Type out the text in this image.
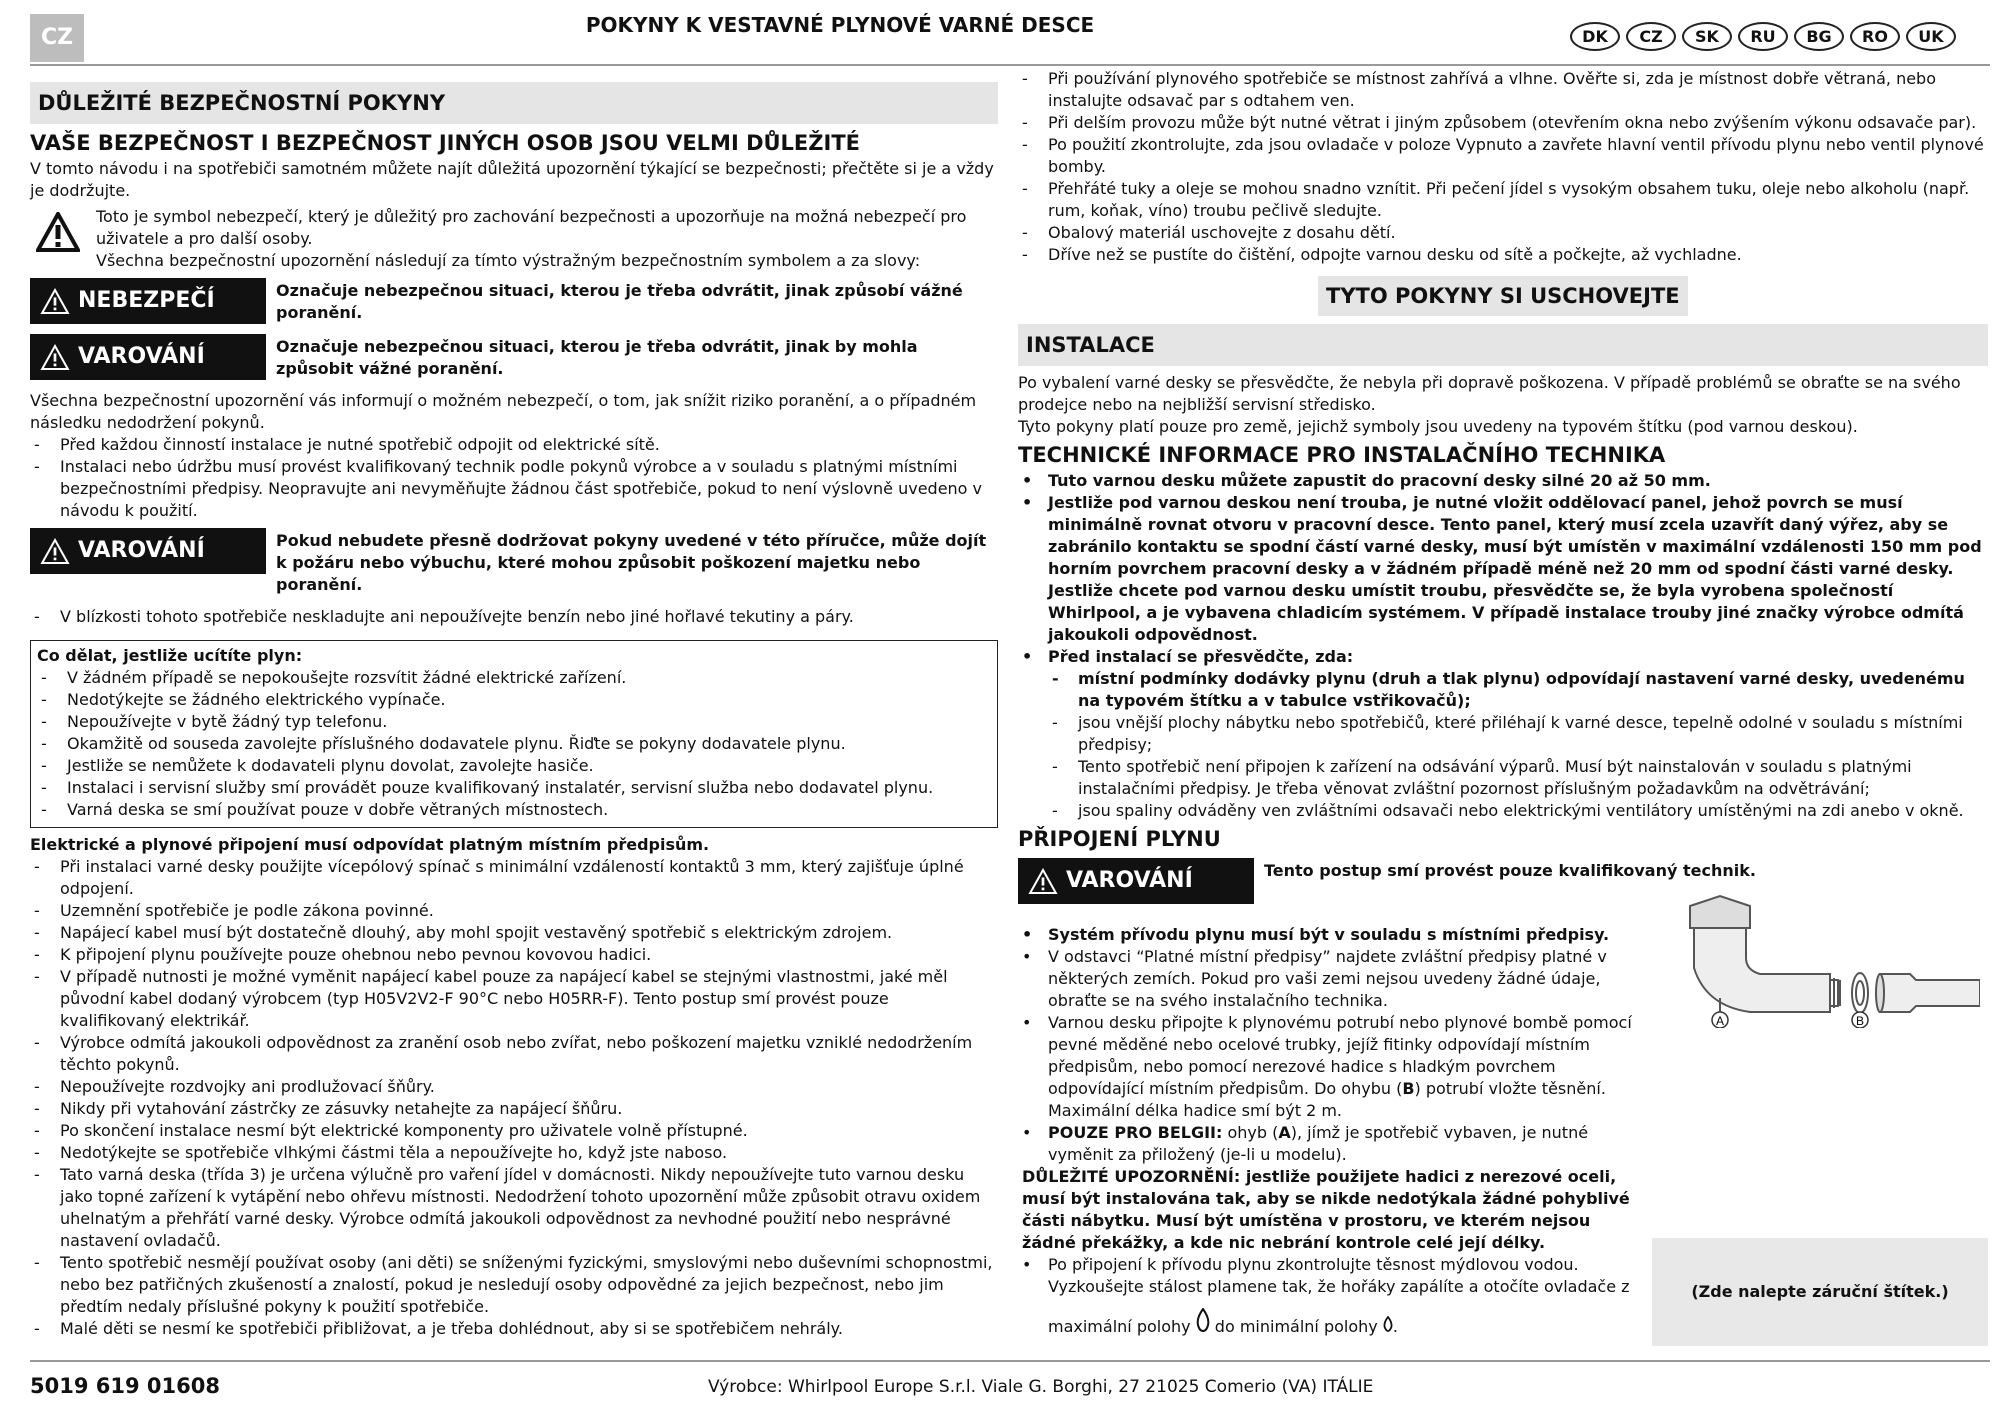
CZ	POKYNY K VESTAVNÉ PLYNOVÉ VARNÉ DESCE	DK	CZ	SK	RU	BG	RO	UK
DŮLEŽITÉ BEZPEČNOSTNÍ POKYNY
VAŠE BEZPEČNOST I BEZPEČNOST JINÝCH OSOB JSOU VELMI DŮLEŽITÉ

V tomto návodu i na spotřebiči samotném můžete najít důležitá upozornění týkající se bezpečnosti; přečtěte si je a vždy je dodržujte.

Toto je symbol nebezpečí, který je důležitý pro zachování bezpečnosti a upozorňuje na možná nebezpečí pro uživatele a pro další osoby.

Všechna bezpečnostní upozornění následují za tímto výstražným bezpečnostním symbolem a za slovy:

NEBEZPEČÍ	Označuje nebezpečnou situaci, kterou je třeba odvrátit, jinak způsobí vážné poranění.
VAROVÁNÍ	Označuje nebezpečnou situaci, kterou je třeba odvrátit, jinak by mohla způsobit vážné poranění.

Všechna bezpečnostní upozornění vás informují o možném nebezpečí, o tom, jak snížit riziko poranění, a o případném následku nedodržení pokynů.

- Před každou činností instalace je nutné spotřebič odpojit od elektrické sítě.

- Instalaci nebo údržbu musí provést kvalifikovaný technik podle pokynů výrobce a v souladu s platnými místními bezpečnostními předpisy. Neopravujte ani nevyměňujte žádnou část spotřebiče, pokud to není výslovně uvedeno v návodu k použití.

VAROVÁNÍ	Pokud nebudete přesně dodržovat pokyny uvedené v této příručce, může dojít k požáru nebo výbuchu, které mohou způsobit poškození majetku nebo poranění.

- V blízkosti tohoto spotřebiče neskladujte ani nepoužívejte benzín nebo jiné hořlavé tekutiny a páry.

Co dělat, jestliže ucítíte plyn:

- V žádném případě se nepokoušejte rozsvítit žádné elektrické zařízení.

- Nedotýkejte se žádného elektrického vypínače.

- Nepoužívejte v bytě žádný typ telefonu.

- Okamžitě od souseda zavolejte příslušného dodavatele plynu. Řiďte se pokyny dodavatele plynu.

- Jestliže se nemůžete k dodavateli plynu dovolat, zavolejte hasiče.

- Instalaci i servisní služby smí provádět pouze kvalifikovaný instalatér, servisní služba nebo dodavatel plynu.

- Varná deska se smí používat pouze v dobře větraných místnostech.

Elektrické a plynové připojení musí odpovídat platným místním předpisům.

- Při instalaci varné desky použijte vícepólový spínač s minimální vzdáleností kontaktů 3 mm, který zajišťuje úplné odpojení.

- Uzemnění spotřebiče je podle zákona povinné.

- Napájecí kabel musí být dostatečně dlouhý, aby mohl spojit vestavěný spotřebič s elektrickým zdrojem.

- K připojení plynu používejte pouze ohebnou nebo pevnou kovovou hadici.

- V případě nutnosti je možné vyměnit napájecí kabel pouze za napájecí kabel se stejnými vlastnostmi, jaké měl původní kabel dodaný výrobcem (typ H05V2V2-F 90°C nebo H05RR-F). Tento postup smí provést pouze kvalifikovaný elektrikář.

- Výrobce odmítá jakoukoli odpovědnost za zranění osob nebo zvířat, nebo poškození majetku vzniklé nedodržením těchto pokynů.

- Nepoužívejte rozdvojky ani prodlužovací šňůry.

- Nikdy při vytahování zástrčky ze zásuvky netahejte za napájecí šňůru.

- Po skončení instalace nesmí být elektrické komponenty pro uživatele volně přístupné.

- Nedotýkejte se spotřebiče vlhkými částmi těla a nepoužívejte ho, když jste naboso.

- Tato varná deska (třída 3) je určena výlučně pro vaření jídel v domácnosti. Nikdy nepoužívejte tuto varnou desku jako topné zařízení k vytápění nebo ohřevu místnosti. Nedodržení tohoto upozornění může způsobit otravu oxidem uhelnatým a přehřátí varné desky. Výrobce odmítá jakoukoli odpovědnost za nevhodné použití nebo nesprávné nastavení ovladačů.

- Tento spotřebič nesmějí používat osoby (ani děti) se sníženými fyzickými, smyslovými nebo duševními schopnostmi, nebo bez patřičných zkušeností a znalostí, pokud je nesledují osoby odpovědné za jejich bezpečnost, nebo jim předtím nedaly příslušné pokyny k použití spotřebiče.

- Malé děti se nesmí ke spotřebiči přibližovat, a je třeba dohlédnout, aby si se spotřebičem nehrály.

- Při používání plynového spotřebiče se místnost zahřívá a vlhne. Ověřte si, zda je místnost dobře větraná, nebo instalujte odsavač par s odtahem ven.

- Při delším provozu může být nutné větrat i jiným způsobem (otevřením okna nebo zvýšením výkonu odsavače par).

- Po použití zkontrolujte, zda jsou ovladače v poloze Vypnuto a zavřete hlavní ventil přívodu plynu nebo ventil plynové bomby.

- Přehřáté tuky a oleje se mohou snadno vznítit. Při pečení jídel s vysokým obsahem tuku, oleje nebo alkoholu (např. rum, koňak, víno) troubu pečlivě sledujte.

- Obalový materiál uschovejte z dosahu dětí.

- Dříve než se pustíte do čištění, odpojte varnou desku od sítě a počkejte, až vychladne.

TYTO POKYNY SI USCHOVEJTE
INSTALACE

Po vybalení varné desky se přesvědčte, že nebyla při dopravě poškozena. V případě problémů se obraťte se na svého prodejce nebo na nejbližší servisní středisko.

Tyto pokyny platí pouze pro země, jejichž symboly jsou uvedeny na typovém štítku (pod varnou deskou).

TECHNICKÉ INFORMACE PRO INSTALAČNÍHO TECHNIKA

• Tuto varnou desku můžete zapustit do pracovní desky silné 20 až 50 mm.

• Jestliže pod varnou deskou není trouba, je nutné vložit oddělovací panel, jehož povrch se musí minimálně rovnat otvoru v pracovní desce. Tento panel, který musí zcela uzavřít daný výřez, aby se zabránilo kontaktu se spodní částí varné desky, musí být umístěn v maximální vzdálenosti 150 mm pod horním povrchem pracovní desky a v žádném případě méně než 20 mm od spodní části varné desky. Jestliže chcete pod varnou desku umístit troubu, přesvědčte se, že byla vyrobena společností Whirlpool, a je vybavena chladicím systémem. V případě instalace trouby jiné značky výrobce odmítá jakoukoli odpovědnost.

• Před instalací se přesvědčte, zda:

- místní podmínky dodávky plynu (druh a tlak plynu) odpovídají nastavení varné desky, uvedenému na typovém štítku a v tabulce vstřikovačů);

- jsou vnější plochy nábytku nebo spotřebičů, které přiléhají k varné desce, tepelně odolné v souladu s místními předpisy;

- Tento spotřebič není připojen k zařízení na odsávání výparů. Musí být nainstalován v souladu s platnými instalačními předpisy. Je třeba věnovat zvláštní pozornost příslušným požadavkům na odvětrávání;

- jsou spaliny odváděny ven zvláštními odsavači nebo elektrickými ventilátory umístěnými na zdi anebo v okně.

PŘIPOJENÍ PLYNU
VAROVÁNÍ	Tento postup smí provést pouze kvalifikovaný technik.

• Systém přívodu plynu musí být v souladu s místními předpisy.

• V odstavci “Platné místní předpisy” najdete zvláštní předpisy platné v některých zemích. Pokud pro vaši zemi nejsou uvedeny žádné údaje, obraťte se na svého instalačního technika.

• Varnou desku připojte k plynovému potrubí nebo plynové bombě pomocí pevné měděné nebo ocelové trubky, jejíž fitinky odpovídají místním předpisům, nebo pomocí nerezové hadice s hladkým povrchem odpovídající místním předpisům. Do ohybu (B) potrubí vložte těsnění. Maximální délka hadice smí být 2 m.

• POUZE PRO BELGII: ohyb (A), jímž je spotřebič vybaven, je nutné vyměnit za přiložený (je-li u modelu).

DŮLEŽITÉ UPOZORNĚNÍ: jestliže použijete hadici z nerezové oceli, musí být instalována tak, aby se nikde nedotýkala žádné pohyblivé části nábytku. Musí být umístěna v prostoru, ve kterém nejsou žádné překážky, a kde nic nebrání kontrole celé její délky.

• Po připojení k přívodu plynu zkontrolujte těsnost mýdlovou vodou. Vyzkoušejte stálost plamene tak, že hořáky zapálíte a otočíte ovladače z

maximální polohy do minimální polohy .

A	B
(Zde nalepte záruční štítek.)
5019 619 01608	Výrobce: Whirlpool Europe S.r.l. Viale G. Borghi, 27 21025 Comerio (VA) ITÁLIE
